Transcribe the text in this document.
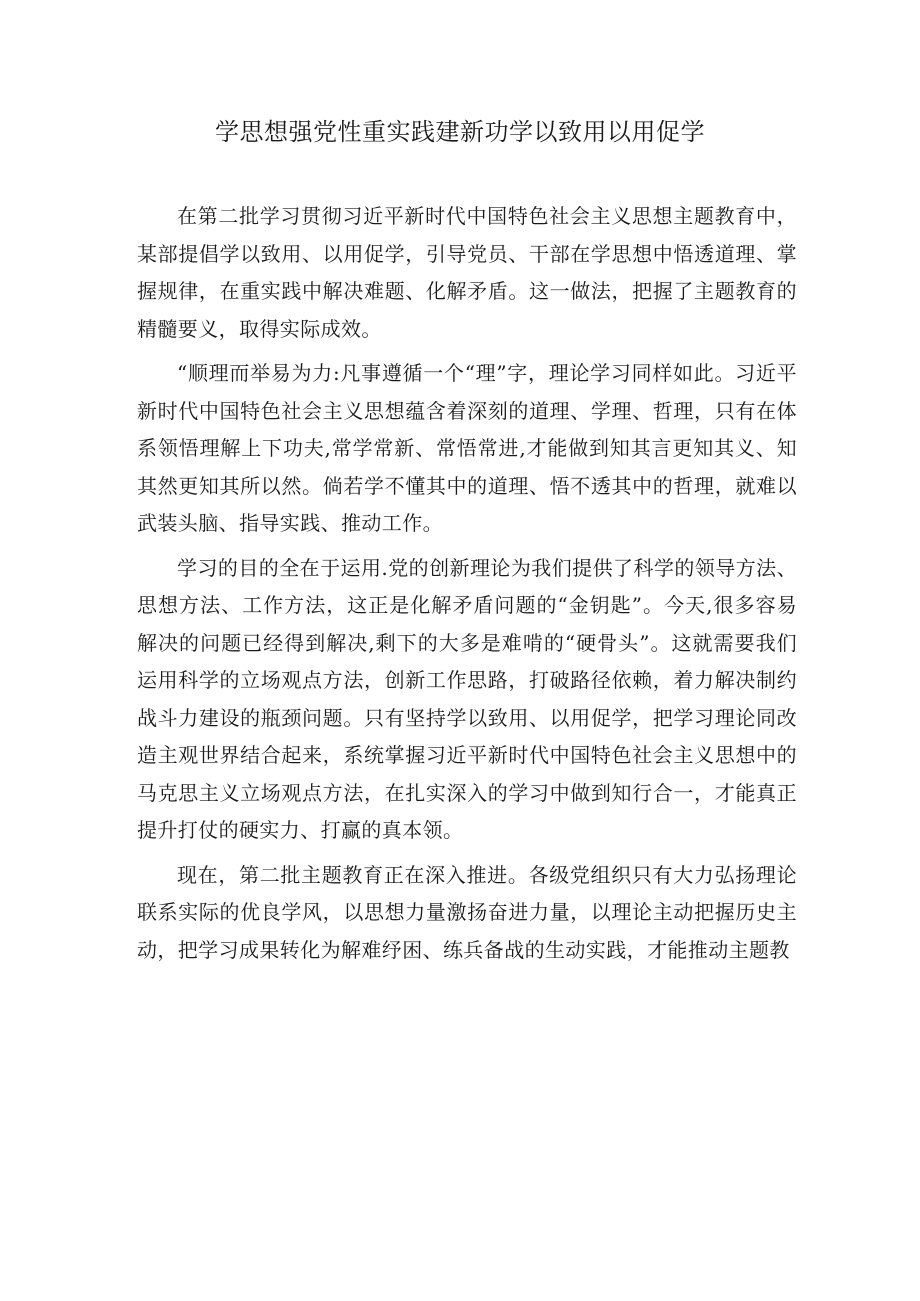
学思想强党性重实践建新功学以致用以用促学

在第二批学习贯彻习近平新时代中国特色社会主义思想主题教育中，某部提倡学以致用、以用促学，引导党员、干部在学思想中悟透道理、掌握规律，在重实践中解决难题、化解矛盾。这一做法，把握了主题教育的精髓要义，取得实际成效。

“顺理而举易为力:凡事遵循一个“理”字，理论学习同样如此。习近平新时代中国特色社会主义思想蕴含着深刻的道理、学理、哲理，只有在体系领悟理解上下功夫,常学常新、常悟常进,才能做到知其言更知其义、知其然更知其所以然。倘若学不懂其中的道理、悟不透其中的哲理，就难以武装头脑、指导实践、推动工作。

学习的目的全在于运用.党的创新理论为我们提供了科学的领导方法、思想方法、工作方法，这正是化解矛盾问题的“金钥匙”。今天,很多容易解决的问题已经得到解决,剩下的大多是难啃的“硬骨头”。这就需要我们运用科学的立场观点方法，创新工作思路，打破路径依赖，着力解决制约战斗力建设的瓶颈问题。只有坚持学以致用、以用促学，把学习理论同改造主观世界结合起来，系统掌握习近平新时代中国特色社会主义思想中的马克思主义立场观点方法，在扎实深入的学习中做到知行合一，才能真正提升打仗的硬实力、打赢的真本领。

现在，第二批主题教育正在深入推进。各级党组织只有大力弘扬理论联系实际的优良学风，以思想力量激扬奋进力量，以理论主动把握历史主动，把学习成果转化为解难纾困、练兵备战的生动实践，才能推动主题教
